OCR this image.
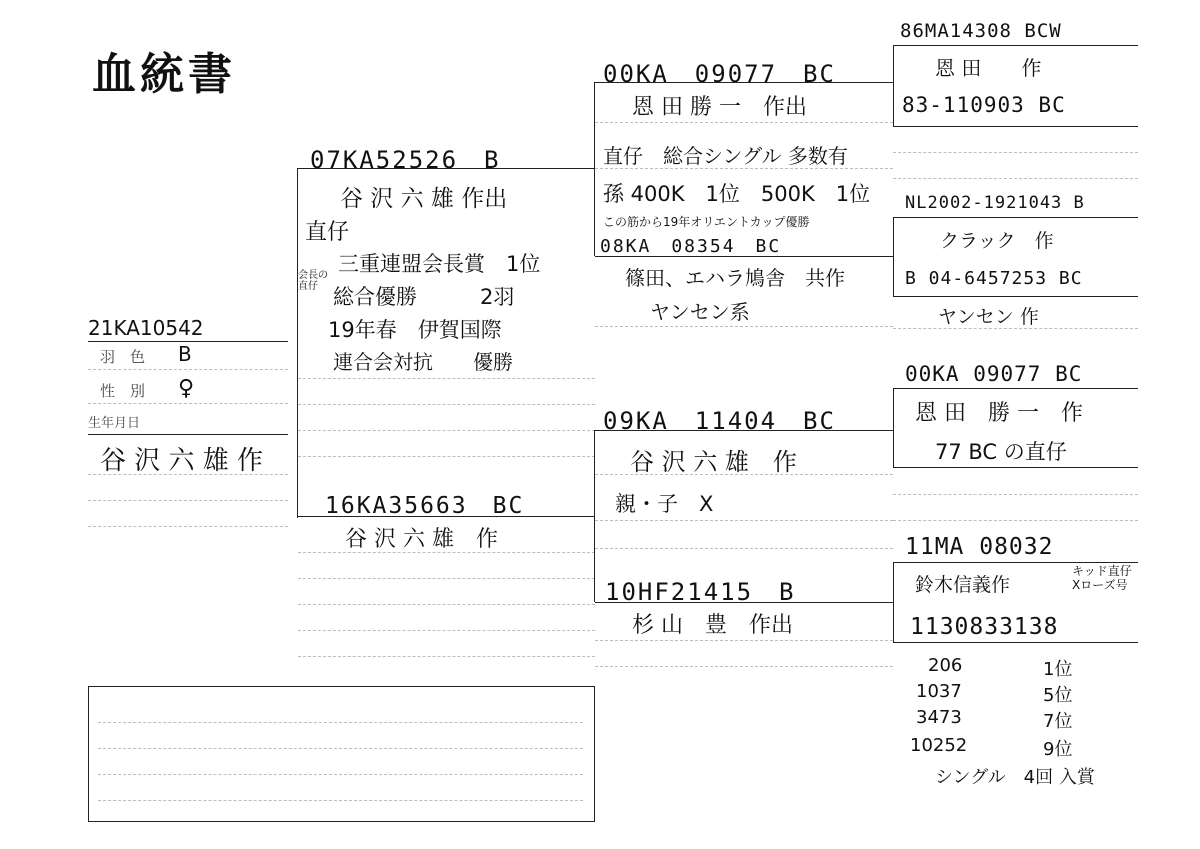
血統書
21KA10542
羽　色 B
性　別 ♀
生年月日
谷 沢 六 雄 作
07KA52526　B
谷 沢 六 雄 作出
直仔
三重連盟会長賞　1位
会長の
直仔 総合優勝　　　2羽
19年春　伊賀国際
連合会対抗　　優勝
16KA35663　BC
谷 沢 六 雄　作
00KA　09077　BC
恩 田 勝 一　作出
直仔　総合シングル 多数有
孫 400K　1位　500K　1位
この筋から19年オリエントカップ優勝
08KA　08354　BC
篠田、エハラ鳩舎　共作
ヤンセン系
09KA　11404　BC
谷 沢 六 雄　作
親・子　X
10HF21415　B
杉 山　豊　作出
86MA14308 BCW
恩 田　　作
83-110903 BC
NL2002-1921043 B
クラック　作
B 04-6457253 BC
ヤンセン 作
00KA 09077 BC
恩 田　勝 一　作
77 BC の直仔
11MA 08032
鈴木信義作
キッド直仔
Xローズ号
1130833138
206	1位
1037	5位
3473	7位
10252	9位
シングル　4回 入賞
